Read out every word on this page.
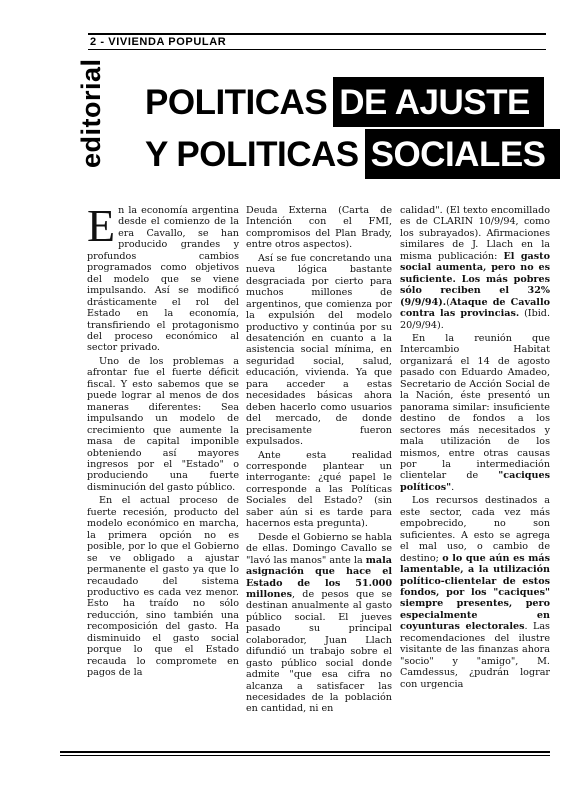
2 - VIVIENDA POPULAR
editorial POLITICAS DE AJUSTE
Y POLITICAS SOCIALES

En la economía argentina desde el comienzo de la era Cavallo, se han producido grandes y profundos cambios programados como objetivos del modelo que se viene impulsando. Así se modificó drásticamente el rol del Estado en la economía, transfiriendo el protagonismo del proceso económico al sector privado.

Uno de los problemas a afrontar fue el fuerte déficit fiscal. Y esto sabemos que se puede lograr al menos de dos maneras diferentes: Sea impulsando un modelo de crecimiento que aumente la masa de capital imponible obteniendo así mayores ingresos por el "Estado" o produciendo una fuerte disminución del gasto público.

En el actual proceso de fuerte recesión, producto del modelo económico en marcha, la primera opción no es posible, por lo que el Gobierno se ve obligado a ajustar permanente el gasto ya que lo recaudado del sistema productivo es cada vez menor. Esto ha traído no sólo reducción, sino también una recomposición del gasto. Ha disminuido el gasto social porque lo que el Estado recauda lo compromete en pagos de la

Deuda Externa (Carta de Intención con el FMI, compromisos del Plan Brady, entre otros aspectos).

Así se fue concretando una nueva lógica bastante desgraciada por cierto para muchos millones de argentinos, que comienza por la expulsión del modelo productivo y continúa por su desatención en cuanto a la asistencia social mínima, en seguridad social, salud, educación, vivienda. Ya que para acceder a estas necesidades básicas ahora deben hacerlo como usuarios del mercado, de donde precisamente fueron expulsados.

Ante esta realidad corresponde plantear un interrogante: ¿qué papel le corresponde a las Políticas Sociales del Estado? (sin saber aún si es tarde para hacernos esta pregunta).

Desde el Gobierno se habla de ellas. Domingo Cavallo se "lavó las manos" ante la mala asignación que hace el Estado de los 51.000 millones, de pesos que se destinan anualmente al gasto público social. El jueves pasado su principal colaborador, Juan Llach difundió un trabajo sobre el gasto público social donde admite "que esa cifra no alcanza a satisfacer las necesidades de la población en cantidad, ni en

calidad". (El texto encomillado es de CLARIN 10/9/94, como los subrayados). Afirmaciones similares de J. Llach en la misma publicación: El gasto social aumenta, pero no es suficiente. Los más pobres sólo reciben el 32% (9/9/94).(Ataque de Cavallo contra las provincias. (Ibid. 20/9/94).

En la reunión que Intercambio Habitat organizará el 14 de agosto pasado con Eduardo Amadeo, Secretario de Acción Social de la Nación, éste presentó un panorama similar: insuficiente destino de fondos a los sectores más necesitados y mala utilización de los mismos, entre otras causas por la intermediación clientelar de "caciques políticos".

Los recursos destinados a este sector, cada vez más empobrecido, no son suficientes. A esto se agrega el mal uso, o cambio de destino; o lo que aún es más lamentable, a la utilización político-clientelar de estos fondos, por los "caciques" siempre presentes, pero especialmente en coyunturas electorales. Las recomendaciones del ilustre visitante de las finanzas ahora "socio" y "amigo", M. Camdessus, ¿pudrán lograr con urgencia
